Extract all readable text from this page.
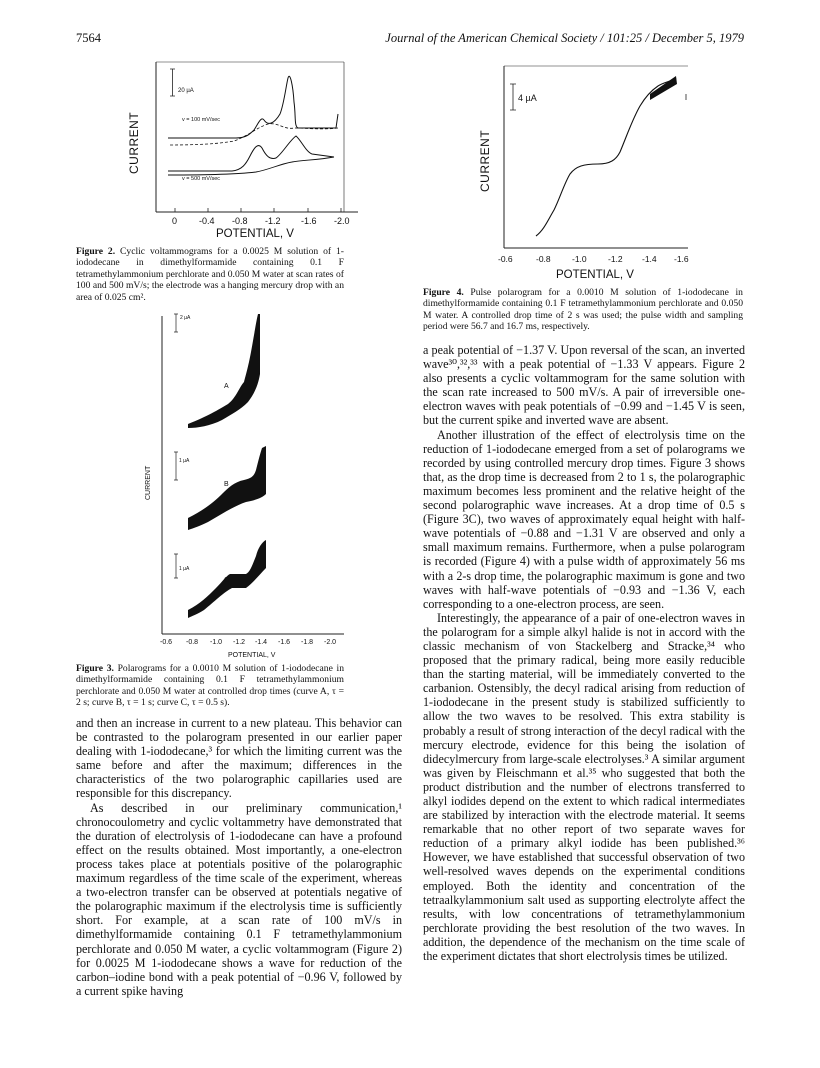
7564	Journal of the American Chemical Society / 101:25 / December 5, 1979
CURRENT
0 -0.4 -0.8 -1.2 -1.6 -2.0
POTENTIAL, V
20 µA
v = 100 mV/sec
v = 500 mV/sec
Figure 2. Cyclic voltammograms for a 0.0025 M solution of 1-iododecane in dimethylformamide containing 0.1 F tetramethylammonium perchlorate and 0.050 M water at scan rates of 100 and 500 mV/s; the electrode was a hanging mercury drop with an area of 0.025 cm².
CURRENT
-0.6 -0.8 -1.0 -1.2 -1.4 -1.6 -1.8 -2.0
POTENTIAL, V
2 µA
A
1 µA
B
1 µA
C
Figure 3. Polarograms for a 0.0010 M solution of 1-iododecane in dimethylformamide containing 0.1 F tetramethylammonium perchlorate and 0.050 M water at controlled drop times (curve A, τ = 2 s; curve B, τ = 1 s; curve C, τ = 0.5 s).
CURRENT
-0.6	-0.8	-1.0	-1.2 -1.4 -1.6
POTENTIAL, V
4 µA
Figure 4. Pulse polarogram for a 0.0010 M solution of 1-iododecane in dimethylformamide containing 0.1 F tetramethylammonium perchlorate and 0.050 M water. A controlled drop time of 2 s was used; the pulse width and sampling period were 56.7 and 16.7 ms, respectively.

and then an increase in current to a new plateau. This behavior can be contrasted to the polarogram presented in our earlier paper dealing with 1-iododecane,³ for which the limiting current was the same before and after the maximum; differences in the characteristics of the two polarographic capillaries used are responsible for this discrepancy.

As described in our preliminary communication,¹ chronocoulometry and cyclic voltammetry have demonstrated that the duration of electrolysis of 1-iododecane can have a profound effect on the results obtained. Most importantly, a one-electron process takes place at potentials positive of the polarographic maximum regardless of the time scale of the experiment, whereas a two-electron transfer can be observed at potentials negative of the polarographic maximum if the electrolysis time is sufficiently short. For example, at a scan rate of 100 mV/s in dimethylformamide containing 0.1 F tetramethylammonium perchlorate and 0.050 M water, a cyclic voltammogram (Figure 2) for 0.0025 M 1-iododecane shows a wave for reduction of the carbon–iodine bond with a peak potential of −0.96 V, followed by a current spike having

a peak potential of −1.37 V. Upon reversal of the scan, an inverted wave³⁰,³²,³³ with a peak potential of −1.33 V appears. Figure 2 also presents a cyclic voltammogram for the same solution with the scan rate increased to 500 mV/s. A pair of irreversible one-electron waves with peak potentials of −0.99 and −1.45 V is seen, but the current spike and inverted wave are absent.

Another illustration of the effect of electrolysis time on the reduction of 1-iododecane emerged from a set of polarograms we recorded by using controlled mercury drop times. Figure 3 shows that, as the drop time is decreased from 2 to 1 s, the polarographic maximum becomes less prominent and the relative height of the second polarographic wave increases. At a drop time of 0.5 s (Figure 3C), two waves of approximately equal height with half-wave potentials of −0.88 and −1.31 V are observed and only a small maximum remains. Furthermore, when a pulse polarogram is recorded (Figure 4) with a pulse width of approximately 56 ms with a 2-s drop time, the polarographic maximum is gone and two waves with half-wave potentials of −0.93 and −1.36 V, each corresponding to a one-electron process, are seen.

Interestingly, the appearance of a pair of one-electron waves in the polarogram for a simple alkyl halide is not in accord with the classic mechanism of von Stackelberg and Stracke,³⁴ who proposed that the primary radical, being more easily reducible than the starting material, will be immediately converted to the carbanion. Ostensibly, the decyl radical arising from reduction of 1-iododecane in the present study is stabilized sufficiently to allow the two waves to be resolved. This extra stability is probably a result of strong interaction of the decyl radical with the mercury electrode, evidence for this being the isolation of didecylmercury from large-scale electrolyses.³ A similar argument was given by Fleischmann et al.³⁵ who suggested that both the product distribution and the number of electrons transferred to alkyl iodides depend on the extent to which radical intermediates are stabilized by interaction with the electrode material. It seems remarkable that no other report of two separate waves for reduction of a primary alkyl iodide has been published.³⁶ However, we have established that successful observation of two well-resolved waves depends on the experimental conditions employed. Both the identity and concentration of the tetraalkylammonium salt used as supporting electrolyte affect the results, with low concentrations of tetramethylammonium perchlorate providing the best resolution of the two waves. In addition, the dependence of the mechanism on the time scale of the experiment dictates that short electrolysis times be utilized.
